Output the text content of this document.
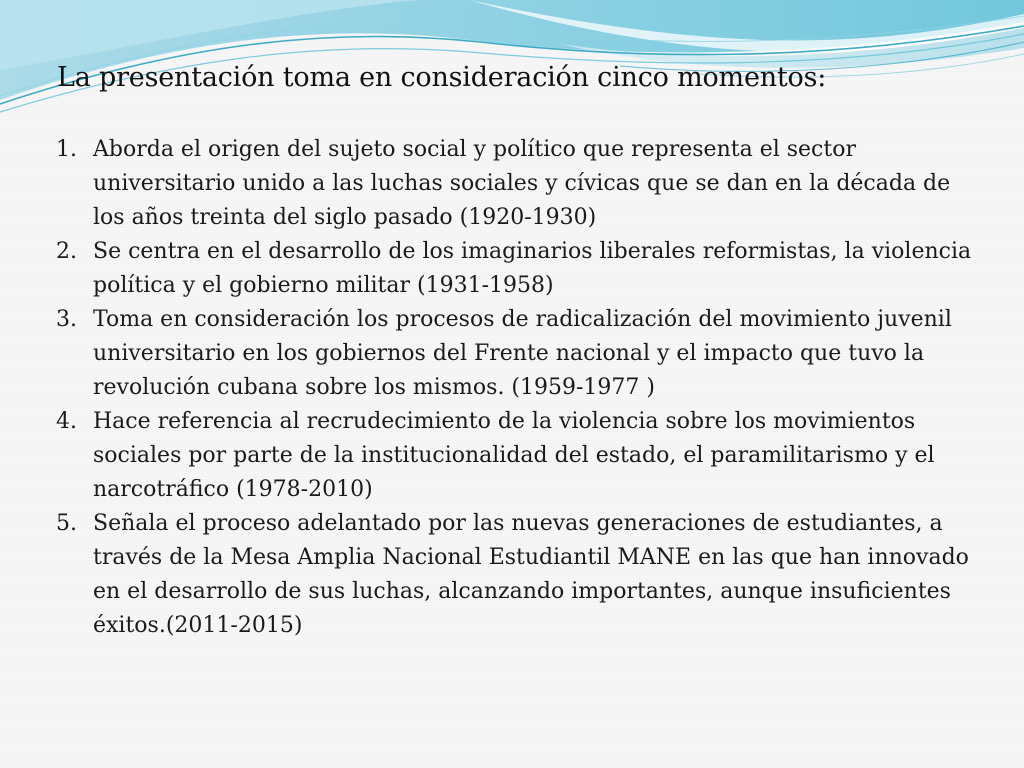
La presentación toma en consideración cinco momentos:
1. Aborda el origen del sujeto social y político que representa el sector universitario unido a las luchas sociales y cívicas que se dan en la década de los años treinta del siglo pasado (1920-1930)
2. Se centra en el desarrollo de los imaginarios liberales reformistas, la violencia política y el gobierno militar (1931-1958)
3. Toma en consideración los procesos de radicalización del movimiento juvenil universitario en los gobiernos del Frente nacional y el impacto que tuvo la revolución cubana sobre los mismos. (1959-1977 )
4. Hace referencia al recrudecimiento de la violencia sobre los movimientos sociales por parte de la institucionalidad del estado, el paramilitarismo y el narcotráfico (1978-2010)
5. Señala el proceso adelantado por las nuevas generaciones de estudiantes, a través de la Mesa Amplia Nacional Estudiantil MANE en las que han innovado en el desarrollo de sus luchas, alcanzando importantes, aunque insuficientes éxitos.(2011-2015)
